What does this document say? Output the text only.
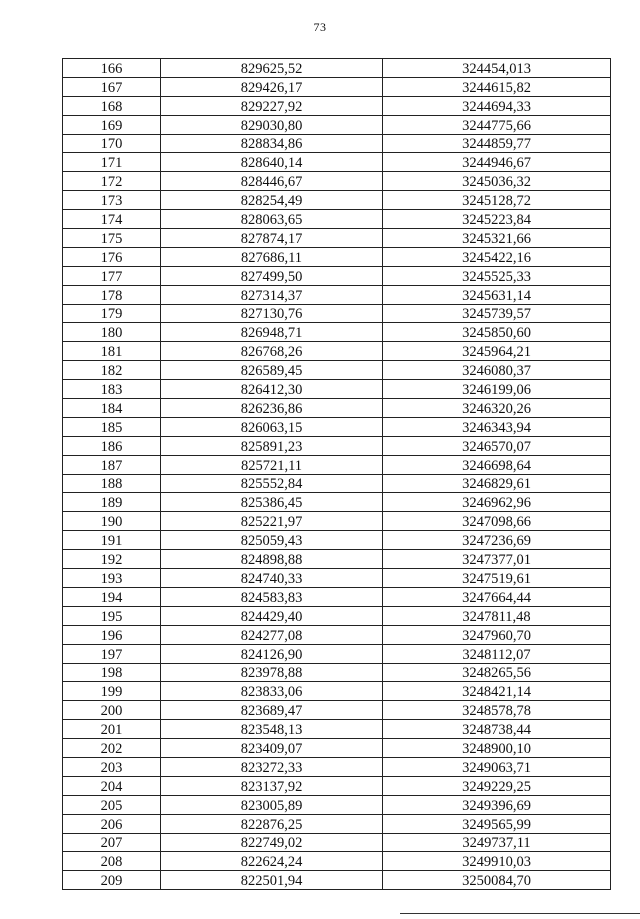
73
166	829625,52	324454,013
167	829426,17	3244615,82
168	829227,92	3244694,33
169	829030,80	3244775,66
170	828834,86	3244859,77
171	828640,14	3244946,67
172	828446,67	3245036,32
173	828254,49	3245128,72
174	828063,65	3245223,84
175	827874,17	3245321,66
176	827686,11	3245422,16
177	827499,50	3245525,33
178	827314,37	3245631,14
179	827130,76	3245739,57
180	826948,71	3245850,60
181	826768,26	3245964,21
182	826589,45	3246080,37
183	826412,30	3246199,06
184	826236,86	3246320,26
185	826063,15	3246343,94
186	825891,23	3246570,07
187	825721,11	3246698,64
188	825552,84	3246829,61
189	825386,45	3246962,96
190	825221,97	3247098,66
191	825059,43	3247236,69
192	824898,88	3247377,01
193	824740,33	3247519,61
194	824583,83	3247664,44
195	824429,40	3247811,48
196	824277,08	3247960,70
197	824126,90	3248112,07
198	823978,88	3248265,56
199	823833,06	3248421,14
200	823689,47	3248578,78
201	823548,13	3248738,44
202	823409,07	3248900,10
203	823272,33	3249063,71
204	823137,92	3249229,25
205	823005,89	3249396,69
206	822876,25	3249565,99
207	822749,02	3249737,11
208	822624,24	3249910,03
209	822501,94	3250084,70
